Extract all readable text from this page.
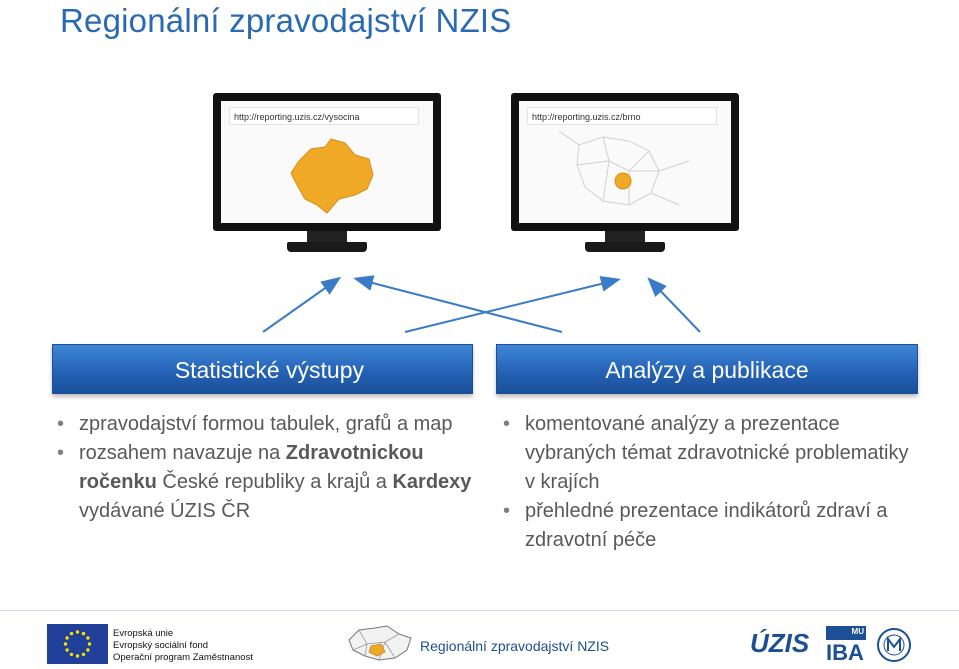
Regionální zpravodajství NZIS
http://reporting.uzis.cz/vysocina	http://reporting.uzis.cz/brno
Statistické výstupy	Analýzy a publikace
• zpravodajství formou tabulek, grafů a map
• rozsahem navazuje na Zdravotnickou ročenku České republiky a krajů a Kardexy vydávané ÚZIS ČR
• komentované analýzy a prezentace vybraných témat zdravotnické problematiky v krajích
• přehledné prezentace indikátorů zdraví a zdravotní péče
Evropská unie
Evropský sociální fond
Operační program Zaměstnanost
Regionální zpravodajství NZIS	ÚZIS	MU
IBA
